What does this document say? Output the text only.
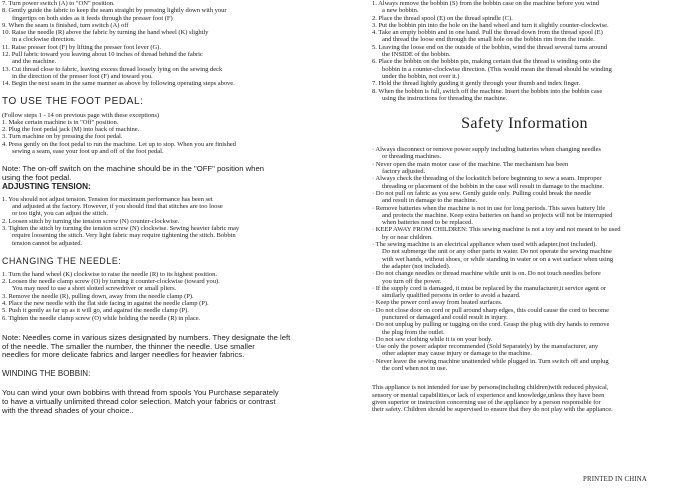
7. Turn power switch (A) to "ON" position.
8. Gently guide the fabric to keep the seam straight by pressing lightly down with your
fingertips on both sides as it feeds through the presser foot (F)
9. When the seam is finished, turn switch (A) off
10. Raise the needle (R) above the fabric by turning the hand wheel (K) slightly
in a clockwise direction.
11. Raise presser foot (F) by lifting the presser foot lever (G).
12. Pull fabric toward you leaving about 10 inches of thread behind the fabric
and the machine.
13. Cut thread close to fabric, leaving excess thread loosely lying on the sewing deck
in the direction of the presser foot (F) and toward you.
14. Begin the next seam in the same manner as above by following operating steps above.
TO USE THE FOOT PEDAL:
(Follow steps 1 - 14 on previous page with these exceptions)
1. Make certain machine is in "Off" position.
2. Plug the foot pedal jack (M) into back of machine.
3. Turn machine on by pressing the foot pedal.
4. Press gently on the foot pedal to run the machine. Let up to stop. When you are finished
sewing a seam, ease your foot up and off of the foot pedal.
Note: The on-off switch on the machine should be in the "OFF" position when
using the foot pedal.
ADJUSTING TENSION:
1. You should not adjust tension. Tension for maximum performance has been set
and adjusted at the factory. However, if you should find that stitches are too loose
or too tight, you can adjust the stitch.
2. Loosen stitch by turning the tension screw (N) counter-clockwise.
3. Tighten the stitch by turning the tension screw (N) clockwise. Sewing heavier fabric may
require loosening the stitch. Very light fabric may require tightening the stitch. Bobbin
tension cannot be adjusted.
CHANGING THE NEEDLE:
1. Turn the hand wheel (K) clockwise to raise the needle (R) to its highest position.
2. Loosen the needle clamp screw (O) by turning it counter-clockwise (toward you).
You may need to use a short slotted screwdriver or small pliers.
3. Remove the needle (R), pulling down, away from the needle clamp (P).
4. Place the new needle with the flat side facing in against the needle clamp (P).
5. Push it gently as far up as it will go, and against the needle clamp (P).
6. Tighten the needle clamp screw (O) while holding the needle (R) in place.
Note: Needles come in various sizes designated by numbers. They designate the left
of the needle. The smaller the number, the thinner the needle. Use smaller
needles for more delicate fabrics and larger needles for heavier fabrics.
WINDING THE BOBBIN:
You can wind your own bobbins with thread from spools You Purchase separately
to have a virtually unlimited thread color selection. Match your fabrics or contrast
with the thread shades of your choice..
1. Always remove the bobbin (S) from the bobbin case on the machine before you wind
a new bobbin.
2. Place the thread spool (E) on the thread spindle (C).
3. Put the bobbin pin into the hole on the hand wheel and turn it slightly counter-clockwise.
4. Take an empty bobbin and in one hand. Pull the thread down from the thread spool (E)
and thread the loose end through the small hole on the bobbin rim from the inside.
5. Leaving the loose end on the outside of the bobbin, wind the thread several turns around
the INSIDE of the bobbin.
6. Place the bobbin on the bobbin pin, making certain that the thread is winding onto the
bobbin in a counter-clockwise direction. (This would mean the thread should be winding
under the bobbin, not over it.)
7. Hold the thread lightly guiding it gently through your thumb and index finger.
8. When the bobbin is full, switch off the machine. Insert the bobbin into the bobbin case
using the instructions for threading the machine.
Safety Information
· Always disconnect or remove power supply including batteries when changing needles
or threading machines.
· Never open the main motor case of the machine. The mechanism has been
factory adjusted.
· Always check the threading of the lockstitch before beginning to sew a seam. Improper
threading or placement of the bobbin in the case will result in damage to the machine.
· Do not pull on fabric as you sew. Gently guide only. Pulling could break the needle
and result in damage to the machine.
· Remove batteries when the machine is not in use for long periods. This saves battery life
and protects the machine. Keep extra batteries on hand so projects will not be interrupted
when batteries need to be replaced.
· KEEP AWAY FROM CHILDREN: This sewing machine is not a toy and not meant to be used
by or near children.
· The sewing machine is an electrical appliance when used with adapter.(not included).
Do not submerge the unit or any other parts in water. Do not operate the sewing machine
with wet hands, without shoes, or while standing in water or on a wet surface when using
the adapter (not included).
· Do not change needles or thread machine while unit is on. Do not touch needles before
you turn off the power.
· If the supply cord is damaged, it must be replaced by the manufacturer,it service agent or
similarly qualified persons in order to avoid a hazard.
· Keep the power cord away from heated surfaces.
· Do not close door on cord or pull around sharp edges, this could cause the cord to become
punctured or damaged and could result in injury.
· Do not unplug by pulling or tugging on the cord. Grasp the plug with dry hands to remove
the plug from the outlet.
· Do not sew clothing while it is on your body.
· Use only the power adapter recommended (Sold Separately) by the manufacturer, any
other adapter may cause injury or damage to the machine.
· Never leave the sewing machine unattended while plugged in. Turn switch off and unplug
the cord when not in use.
This appliance is not intended for use by persons(including children)with reduced physical,
sensory or mental capabilities,or lack of experience and knowledge,unless they have been
given superior or instruction concerning use of the appliance by a person responsible for
their safety. Children should be supervised to ensure that they do not play with the appliance.
PRINTED IN CHINA
